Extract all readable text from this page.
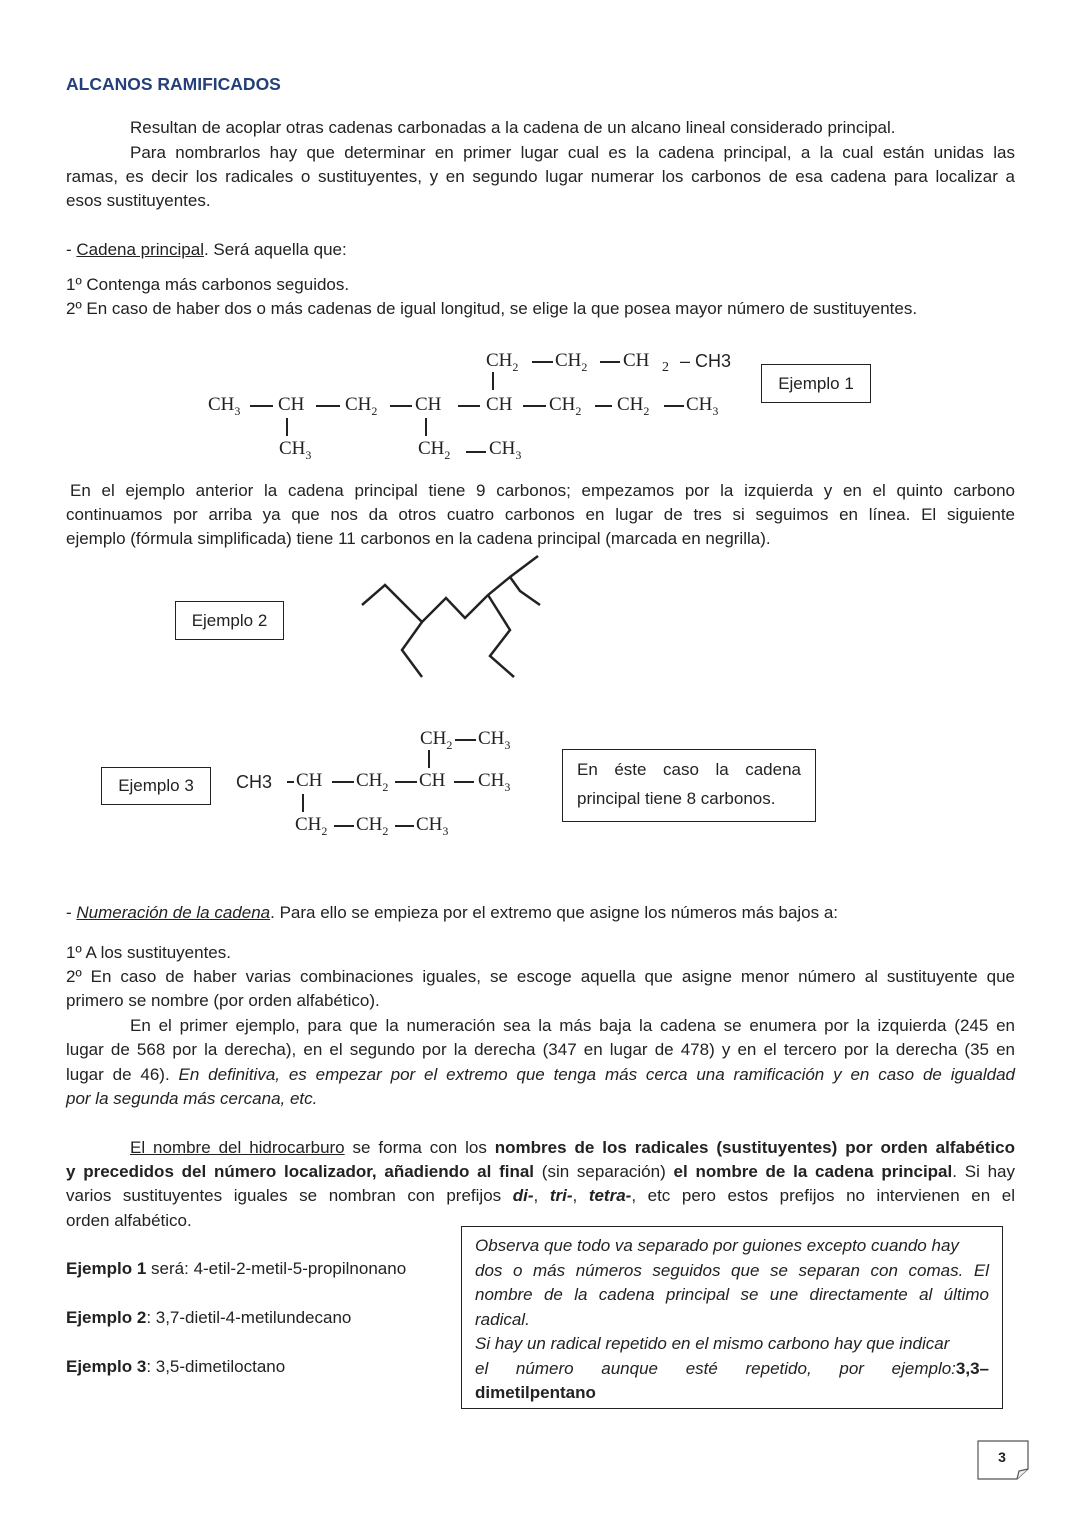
ALCANOS RAMIFICADOS
Resultan de acoplar otras cadenas carbonadas a la cadena de un alcano lineal considerado principal.
Para nombrarlos hay que determinar en primer lugar cual es la cadena principal, a la cual están unidas las
ramas, es decir los radicales o sustituyentes, y en segundo lugar numerar los carbonos de esa cadena para localizar a
esos sustituyentes.
- Cadena principal. Será aquella que:
1º Contenga más carbonos seguidos.
2º En caso de haber dos o más cadenas de igual longitud, se elige la que posea mayor número de sustituyentes.
$CH_2$ $CH_2$ CH 2 – CH3
$CH_3$ CH $CH_2$ CH CH $CH_2$ $CH_2$ $CH_3$
$CH_3$	$CH_2$ $CH_3$
Ejemplo 1
En el ejemplo anterior la cadena principal tiene 9 carbonos; empezamos por la izquierda y en el quinto carbono
continuamos por arriba ya que nos da otros cuatro carbonos en lugar de tres si seguimos en línea. El siguiente
ejemplo (fórmula simplificada) tiene 11 carbonos en la cadena principal (marcada en negrilla).
Ejemplo 2
Ejemplo 3
$CH_2$ $CH_3$
CH3 CH $CH_2$ CH $CH_3$
$CH_2$ $CH_2$ $CH_3$
En éste caso la cadena
principal tiene 8 carbonos.
- Numeración de la cadena. Para ello se empieza por el extremo que asigne los números más bajos a:
1º A los sustituyentes.
2º En caso de haber varias combinaciones iguales, se escoge aquella que asigne menor número al sustituyente que
primero se nombre (por orden alfabético).
En el primer ejemplo, para que la numeración sea la más baja la cadena se enumera por la izquierda (245 en
lugar de 568 por la derecha), en el segundo por la derecha (347 en lugar de 478) y en el tercero por la derecha (35 en
lugar de 46). En definitiva, es empezar por el extremo que tenga más cerca una ramificación y en caso de igualdad
por la segunda más cercana, etc.
El nombre del hidrocarburo se forma con los nombres de los radicales (sustituyentes) por orden alfabético
y precedidos del número localizador, añadiendo al final (sin separación) el nombre de la cadena principal. Si hay
varios sustituyentes iguales se nombran con prefijos di-, tri-, tetra-, etc pero estos prefijos no intervienen en el
orden alfabético.
Ejemplo 1 será: 4-etil-2-metil-5-propilnonano
Ejemplo 2: 3,7-dietil-4-metilundecano
Ejemplo 3: 3,5-dimetiloctano
Observa que todo va separado por guiones excepto cuando hay
dos o más números seguidos que se separan con comas. El
nombre de la cadena principal se une directamente al último
radical.
Si hay un radical repetido en el mismo carbono hay que indicar
el número aunque esté repetido, por ejemplo:3,3–
dimetilpentano
3
